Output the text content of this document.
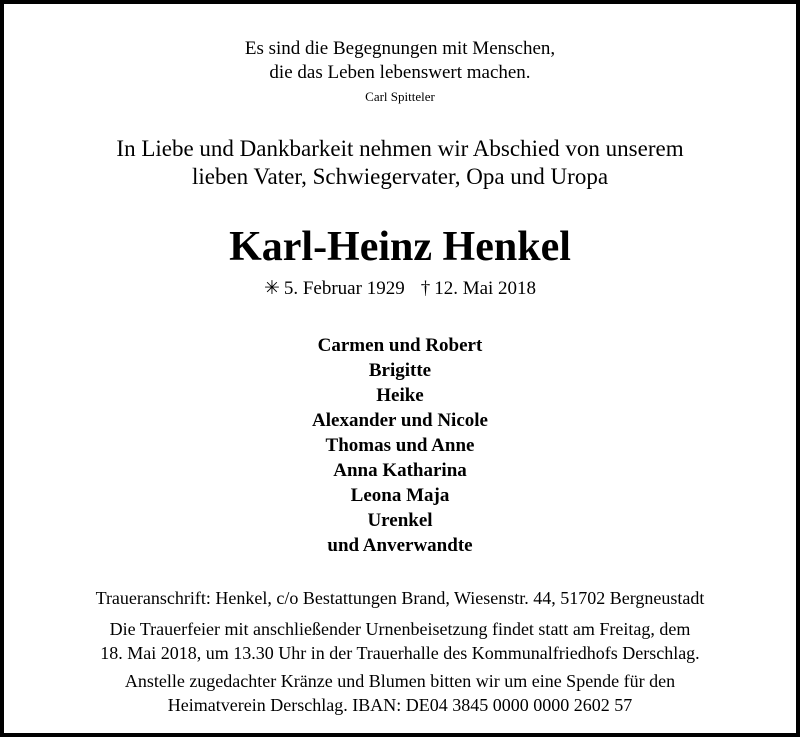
Es sind die Begegnungen mit Menschen,
die das Leben lebenswert machen.
Carl Spitteler
In Liebe und Dankbarkeit nehmen wir Abschied von unserem
lieben Vater, Schwiegervater, Opa und Uropa
Karl-Heinz Henkel
✳ 5. Februar 1929 † 12. Mai 2018
Carmen und Robert
Brigitte
Heike
Alexander und Nicole
Thomas und Anne
Anna Katharina
Leona Maja
Urenkel
und Anverwandte
Traueranschrift: Henkel, c/o Bestattungen Brand, Wiesenstr. 44, 51702 Bergneustadt
Die Trauerfeier mit anschließender Urnenbeisetzung findet statt am Freitag, dem
18. Mai 2018, um 13.30 Uhr in der Trauerhalle des Kommunalfriedhofs Derschlag.
Anstelle zugedachter Kränze und Blumen bitten wir um eine Spende für den
Heimatverein Derschlag. IBAN: DE04 3845 0000 0000 2602 57
